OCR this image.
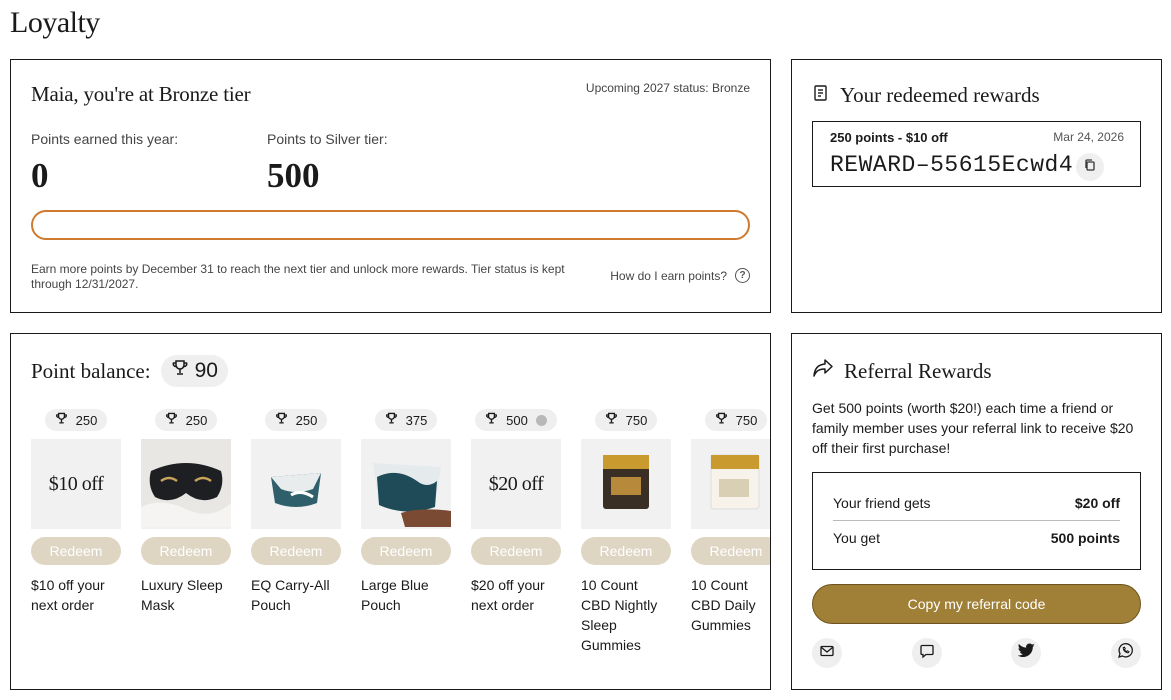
Loyalty
Maia, you're at Bronze tier	Upcoming 2027 status: Bronze
Points earned this year:
0
Points to Silver tier:
500
Earn more points by December 31 to reach the next tier and unlock more rewards. Tier status is kept through 12/31/2027.
How do I earn points?	?
Your redeemed rewards
250 points - $10 off	Mar 24, 2026
REWARD–55615Ecwd4
Point balance: 90
250
$10 off
Redeem
$10 off your next order
250
Redeem
Luxury Sleep Mask
250
Redeem
EQ Carry-All Pouch
375
Redeem
Large Blue Pouch
500
$20 off
Redeem
$20 off your next order
750
Redeem
10 Count CBD Nightly Sleep Gummies
750
Redeem
10 Count CBD Daily Gummies
Referral Rewards
Get 500 points (worth $20!) each time a friend or family member uses your referral link to receive $20 off their first purchase!
Your friend gets	$20 off
You get	500 points
Copy my referral code
